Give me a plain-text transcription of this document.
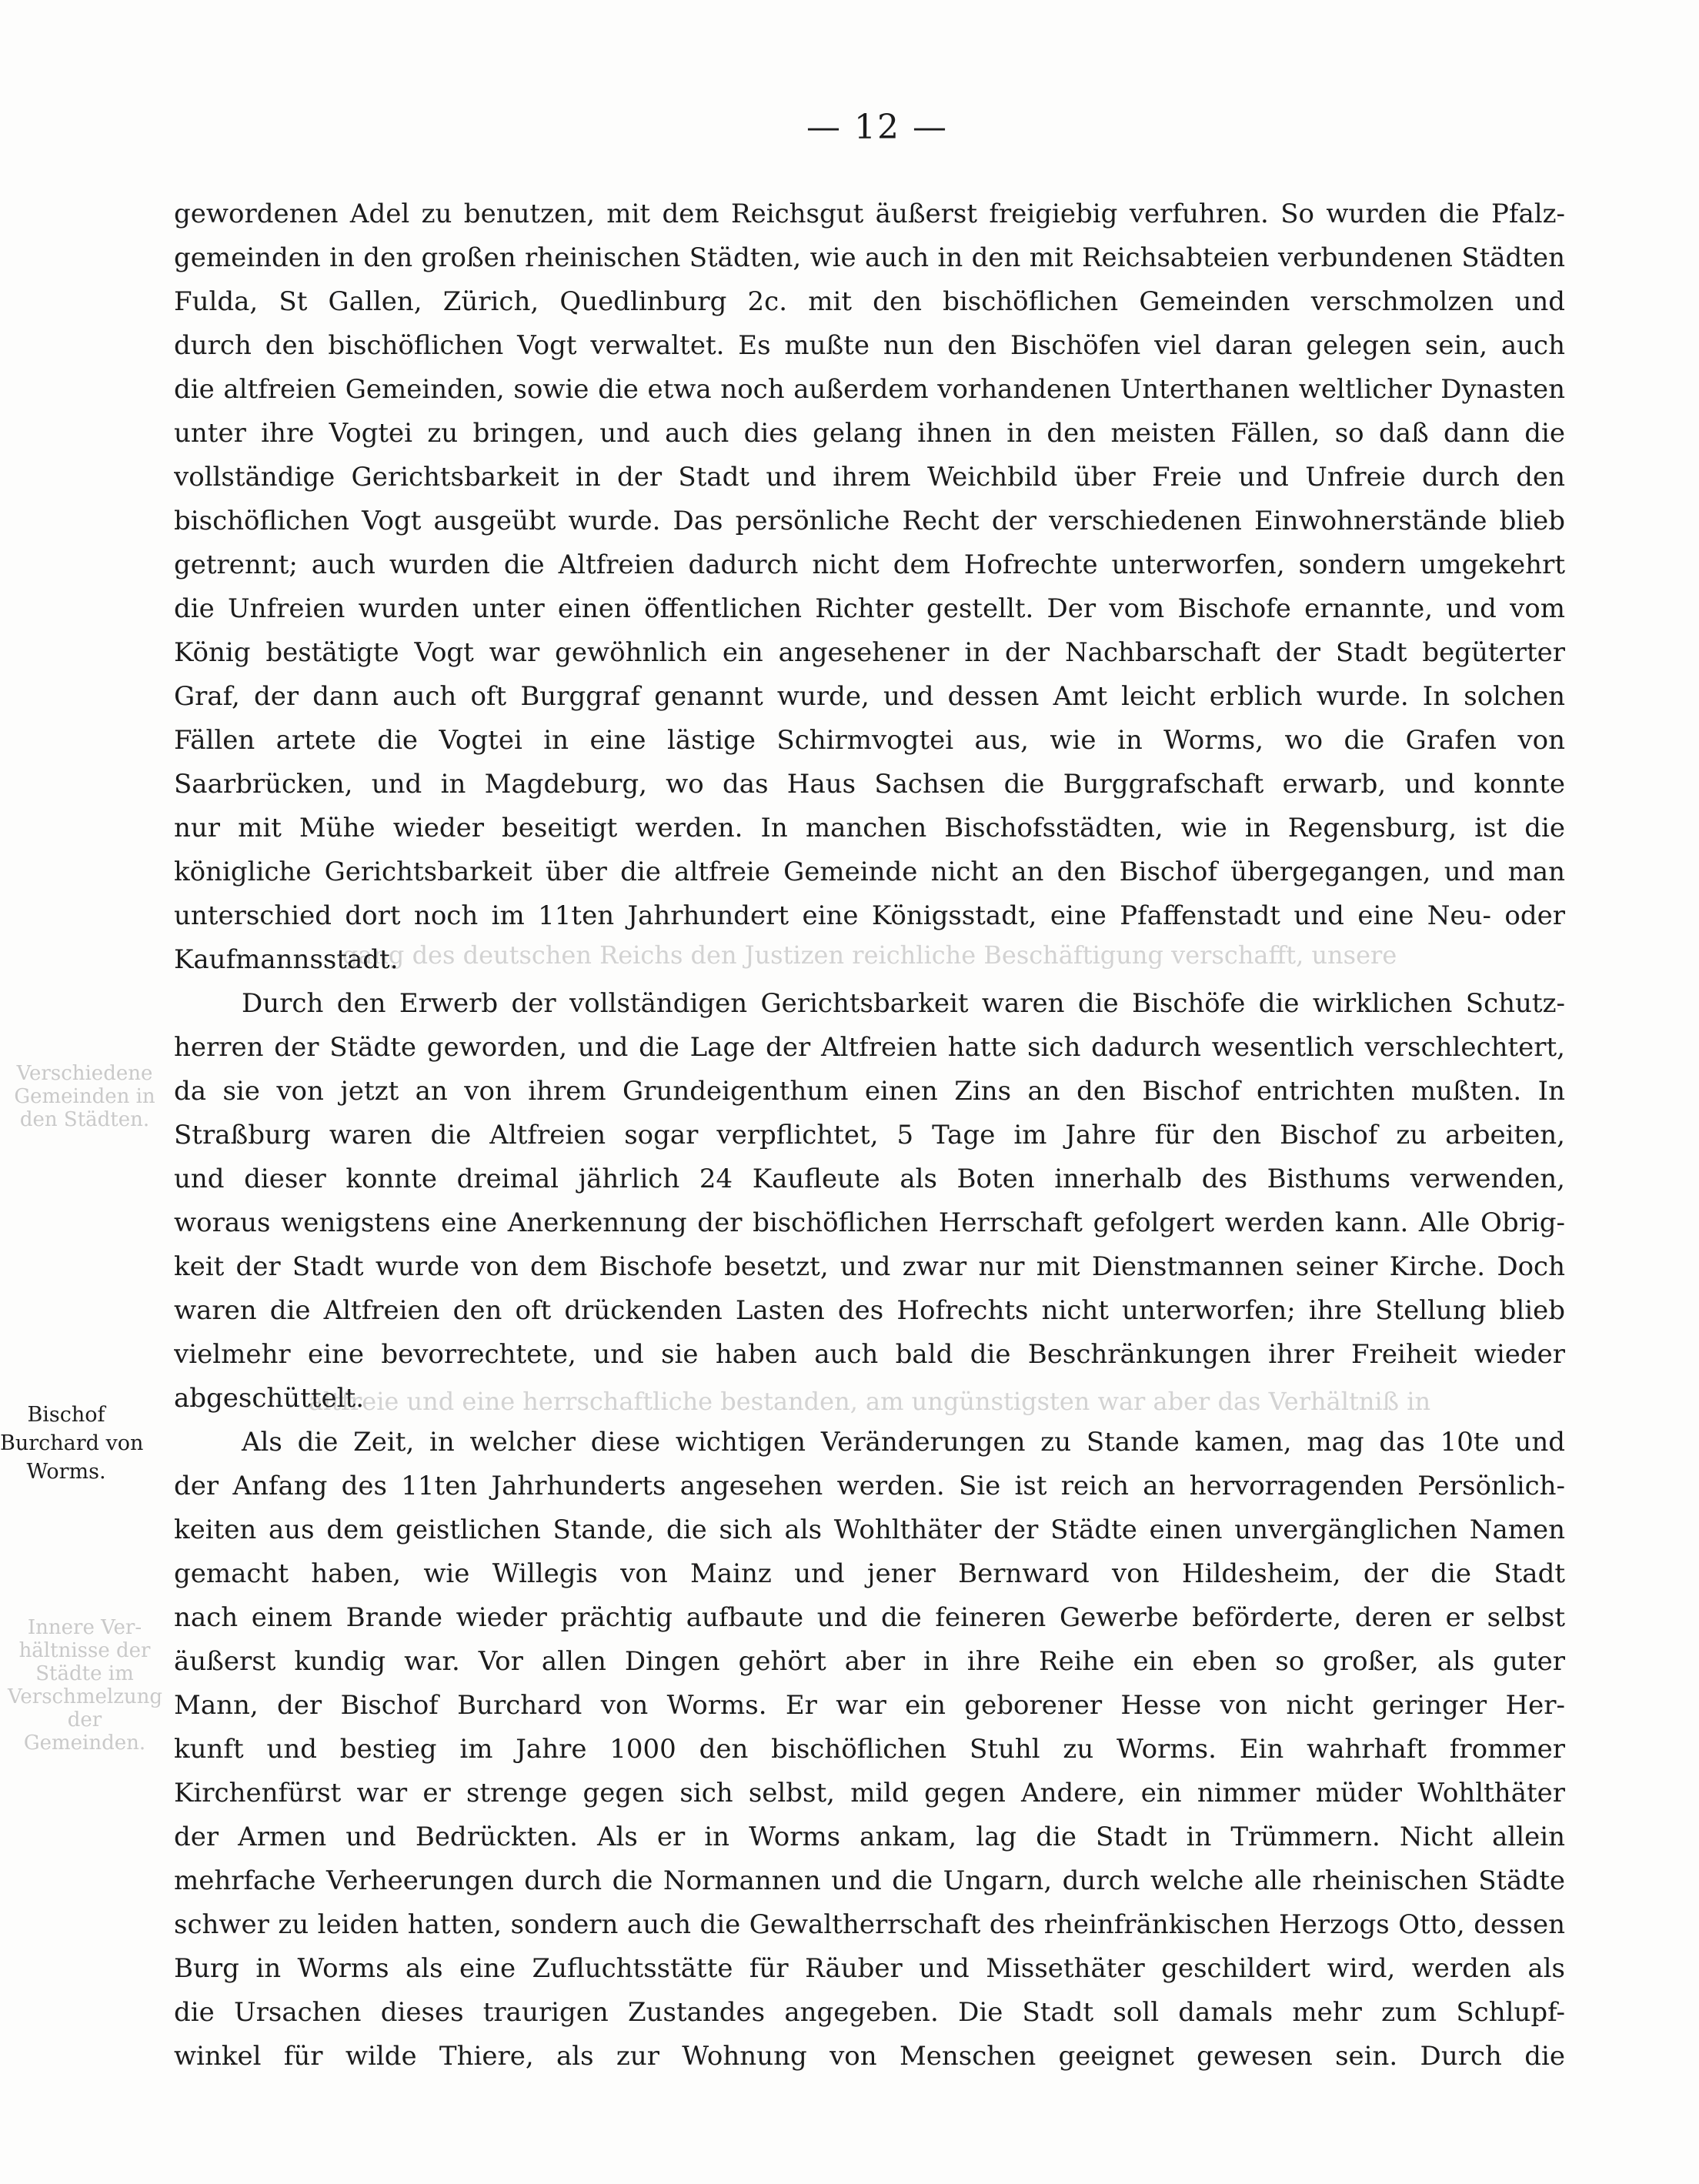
— 12 —
Verschiedene
Gemeinden in
den Städten.
Innere Ver-
hältnisse der
Städte im
Verschmelzung
der
Gemeinden.
gang des deutschen Reichs den Justizen reichliche Beschäftigung verschafft, unsere
altfreie und eine herrschaftliche bestanden, am ungünstigsten war aber das Verhältniß in
Bischof
Burchard von
Worms.
gewordenen Adel zu benutzen, mit dem Reichsgut äußerst freigiebig verfuhren. So wurden die Pfalz-
gemeinden in den großen rheinischen Städten, wie auch in den mit Reichsabteien verbundenen Städten
Fulda, St Gallen, Zürich, Quedlinburg 2c. mit den bischöflichen Gemeinden verschmolzen und
durch den bischöflichen Vogt verwaltet. Es mußte nun den Bischöfen viel daran gelegen sein, auch
die altfreien Gemeinden, sowie die etwa noch außerdem vorhandenen Unterthanen weltlicher Dynasten
unter ihre Vogtei zu bringen, und auch dies gelang ihnen in den meisten Fällen, so daß dann die
vollständige Gerichtsbarkeit in der Stadt und ihrem Weichbild über Freie und Unfreie durch den
bischöflichen Vogt ausgeübt wurde. Das persönliche Recht der verschiedenen Einwohnerstände blieb
getrennt; auch wurden die Altfreien dadurch nicht dem Hofrechte unterworfen, sondern umgekehrt
die Unfreien wurden unter einen öffentlichen Richter gestellt. Der vom Bischofe ernannte, und vom
König bestätigte Vogt war gewöhnlich ein angesehener in der Nachbarschaft der Stadt begüterter
Graf, der dann auch oft Burggraf genannt wurde, und dessen Amt leicht erblich wurde. In solchen
Fällen artete die Vogtei in eine lästige Schirmvogtei aus, wie in Worms, wo die Grafen von
Saarbrücken, und in Magdeburg, wo das Haus Sachsen die Burggrafschaft erwarb, und konnte
nur mit Mühe wieder beseitigt werden. In manchen Bischofsstädten, wie in Regensburg, ist die
königliche Gerichtsbarkeit über die altfreie Gemeinde nicht an den Bischof übergegangen, und man
unterschied dort noch im 11ten Jahrhundert eine Königsstadt, eine Pfaffenstadt und eine Neu- oder
Kaufmannsstadt.
Durch den Erwerb der vollständigen Gerichtsbarkeit waren die Bischöfe die wirklichen Schutz-
herren der Städte geworden, und die Lage der Altfreien hatte sich dadurch wesentlich verschlechtert,
da sie von jetzt an von ihrem Grundeigenthum einen Zins an den Bischof entrichten mußten. In
Straßburg waren die Altfreien sogar verpflichtet, 5 Tage im Jahre für den Bischof zu arbeiten,
und dieser konnte dreimal jährlich 24 Kaufleute als Boten innerhalb des Bisthums verwenden,
woraus wenigstens eine Anerkennung der bischöflichen Herrschaft gefolgert werden kann. Alle Obrig-
keit der Stadt wurde von dem Bischofe besetzt, und zwar nur mit Dienstmannen seiner Kirche. Doch
waren die Altfreien den oft drückenden Lasten des Hofrechts nicht unterworfen; ihre Stellung blieb
vielmehr eine bevorrechtete, und sie haben auch bald die Beschränkungen ihrer Freiheit wieder
abgeschüttelt.
Als die Zeit, in welcher diese wichtigen Veränderungen zu Stande kamen, mag das 10te und
der Anfang des 11ten Jahrhunderts angesehen werden. Sie ist reich an hervorragenden Persönlich-
keiten aus dem geistlichen Stande, die sich als Wohlthäter der Städte einen unvergänglichen Namen
gemacht haben, wie Willegis von Mainz und jener Bernward von Hildesheim, der die Stadt
nach einem Brande wieder prächtig aufbaute und die feineren Gewerbe beförderte, deren er selbst
äußerst kundig war. Vor allen Dingen gehört aber in ihre Reihe ein eben so großer, als guter
Mann, der Bischof Burchard von Worms. Er war ein geborener Hesse von nicht geringer Her-
kunft und bestieg im Jahre 1000 den bischöflichen Stuhl zu Worms. Ein wahrhaft frommer
Kirchenfürst war er strenge gegen sich selbst, mild gegen Andere, ein nimmer müder Wohlthäter
der Armen und Bedrückten. Als er in Worms ankam, lag die Stadt in Trümmern. Nicht allein
mehrfache Verheerungen durch die Normannen und die Ungarn, durch welche alle rheinischen Städte
schwer zu leiden hatten, sondern auch die Gewaltherrschaft des rheinfränkischen Herzogs Otto, dessen
Burg in Worms als eine Zufluchtsstätte für Räuber und Missethäter geschildert wird, werden als
die Ursachen dieses traurigen Zustandes angegeben. Die Stadt soll damals mehr zum Schlupf-
winkel für wilde Thiere, als zur Wohnung von Menschen geeignet gewesen sein. Durch die
